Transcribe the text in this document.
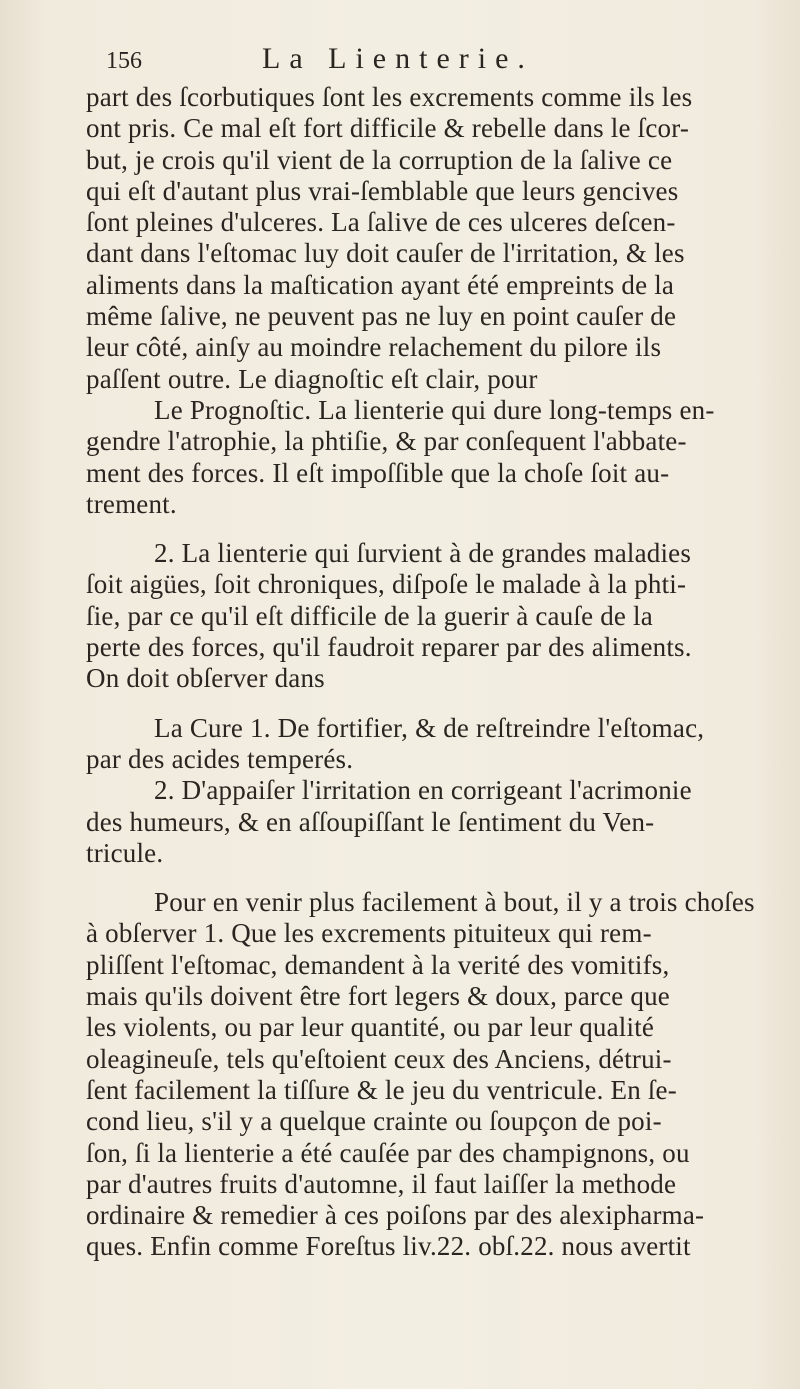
156	La Lienterie.
part des ſcorbutiques ſont les excrements comme ils les
ont pris. Ce mal eſt fort difficile & rebelle dans le ſcor-
but, je crois qu'il vient de la corruption de la ſalive ce
qui eſt d'autant plus vrai-ſemblable que leurs gencives
ſont pleines d'ulceres. La ſalive de ces ulceres deſcen-
dant dans l'eſtomac luy doit cauſer de l'irritation, & les
aliments dans la maſtication ayant été empreints de la
même ſalive, ne peuvent pas ne luy en point cauſer de
leur côté, ainſy au moindre relachement du pilore ils
paſſent outre. Le diagnoſtic eſt clair, pour
Le Prognoſtic. La lienterie qui dure long-temps en-
gendre l'atrophie, la phtiſie, & par conſequent l'abbate-
ment des forces. Il eſt impoſſible que la choſe ſoit au-
trement.
2. La lienterie qui ſurvient à de grandes maladies
ſoit aigües, ſoit chroniques, diſpoſe le malade à la phti-
ſie, par ce qu'il eſt difficile de la guerir à cauſe de la
perte des forces, qu'il faudroit reparer par des aliments.
On doit obſerver dans
La Cure 1. De fortifier, & de reſtreindre l'eſtomac,
par des acides temperés.
2. D'appaiſer l'irritation en corrigeant l'acrimonie
des humeurs, & en aſſoupiſſant le ſentiment du Ven-
tricule.
Pour en venir plus facilement à bout, il y a trois choſes
à obſerver 1. Que les excrements pituiteux qui rem-
pliſſent l'eſtomac, demandent à la verité des vomitifs,
mais qu'ils doivent être fort legers & doux, parce que
les violents, ou par leur quantité, ou par leur qualité
oleagineuſe, tels qu'eſtoient ceux des Anciens, détrui-
ſent facilement la tiſſure & le jeu du ventricule. En ſe-
cond lieu, s'il y a quelque crainte ou ſoupçon de poi-
ſon, ſi la lienterie a été cauſée par des champignons, ou
par d'autres fruits d'automne, il faut laiſſer la methode
ordinaire & remedier à ces poiſons par des alexipharma-
ques. Enfin comme Foreſtus liv.22. obſ.22. nous avertit
